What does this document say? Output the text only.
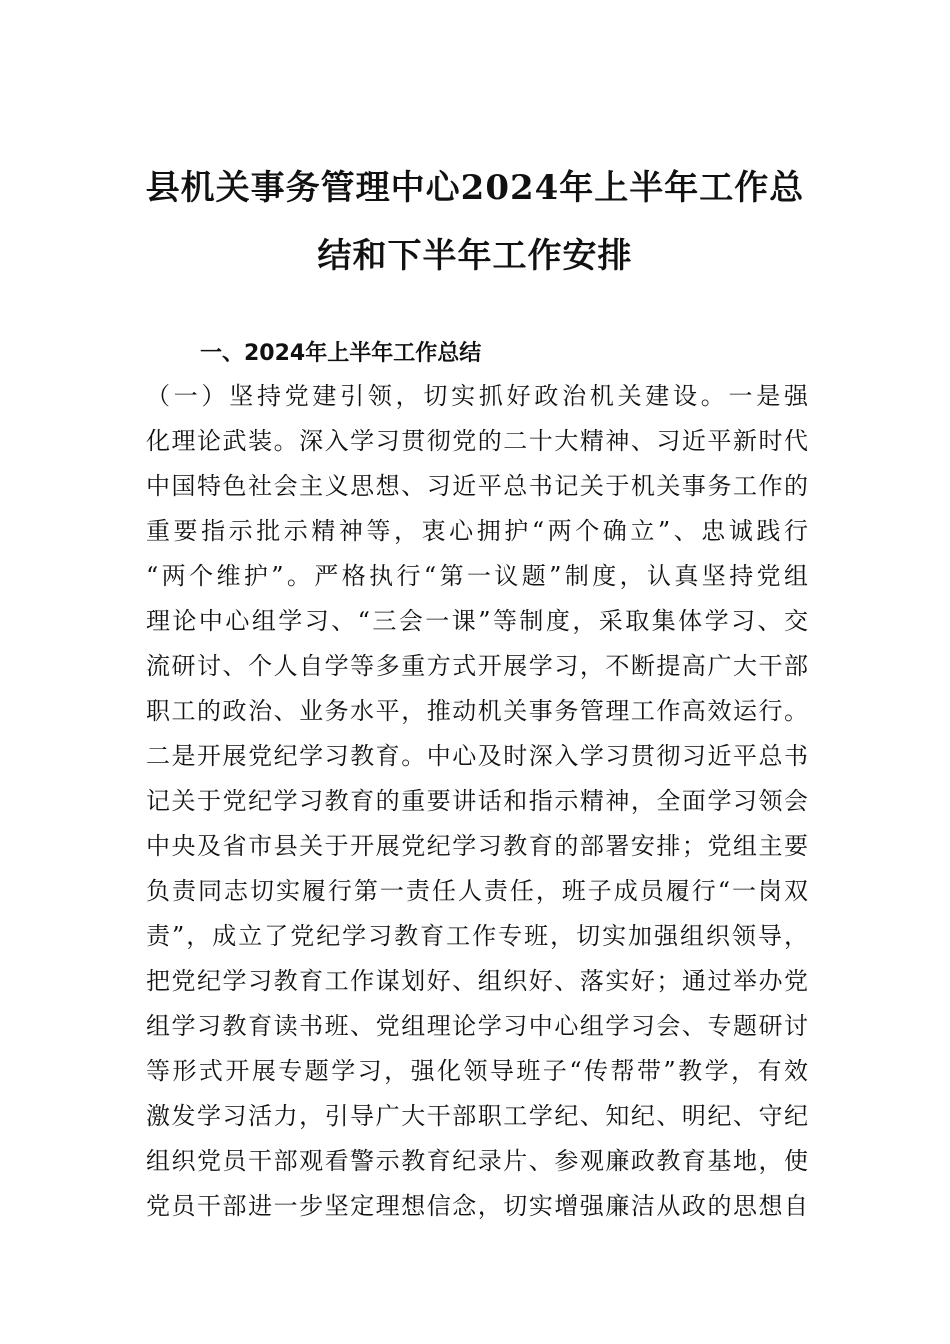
县机关事务管理中心2024年上半年工作总
结和下半年工作安排
一、2024年上半年工作总结

（一）坚持党建引领，切实抓好政治机关建设。一是强

化理论武装。深入学习贯彻党的二十大精神、习近平新时代

中国特色社会主义思想、习近平总书记关于机关事务工作的

重要指示批示精神等，衷心拥护“两个确立”、忠诚践行

“两个维护”。严格执行“第一议题”制度，认真坚持党组

理论中心组学习、“三会一课”等制度，采取集体学习、交

流研讨、个人自学等多重方式开展学习，不断提高广大干部

职工的政治、业务水平，推动机关事务管理工作高效运行。

二是开展党纪学习教育。中心及时深入学习贯彻习近平总书

记关于党纪学习教育的重要讲话和指示精神，全面学习领会

中央及省市县关于开展党纪学习教育的部署安排；党组主要

负责同志切实履行第一责任人责任，班子成员履行“一岗双

责”，成立了党纪学习教育工作专班，切实加强组织领导，

把党纪学习教育工作谋划好、组织好、落实好；通过举办党

组学习教育读书班、党组理论学习中心组学习会、专题研讨

等形式开展专题学习，强化领导班子“传帮带”教学，有效

激发学习活力，引导广大干部职工学纪、知纪、明纪、守纪

组织党员干部观看警示教育纪录片、参观廉政教育基地，使

党员干部进一步坚定理想信念，切实增强廉洁从政的思想自
